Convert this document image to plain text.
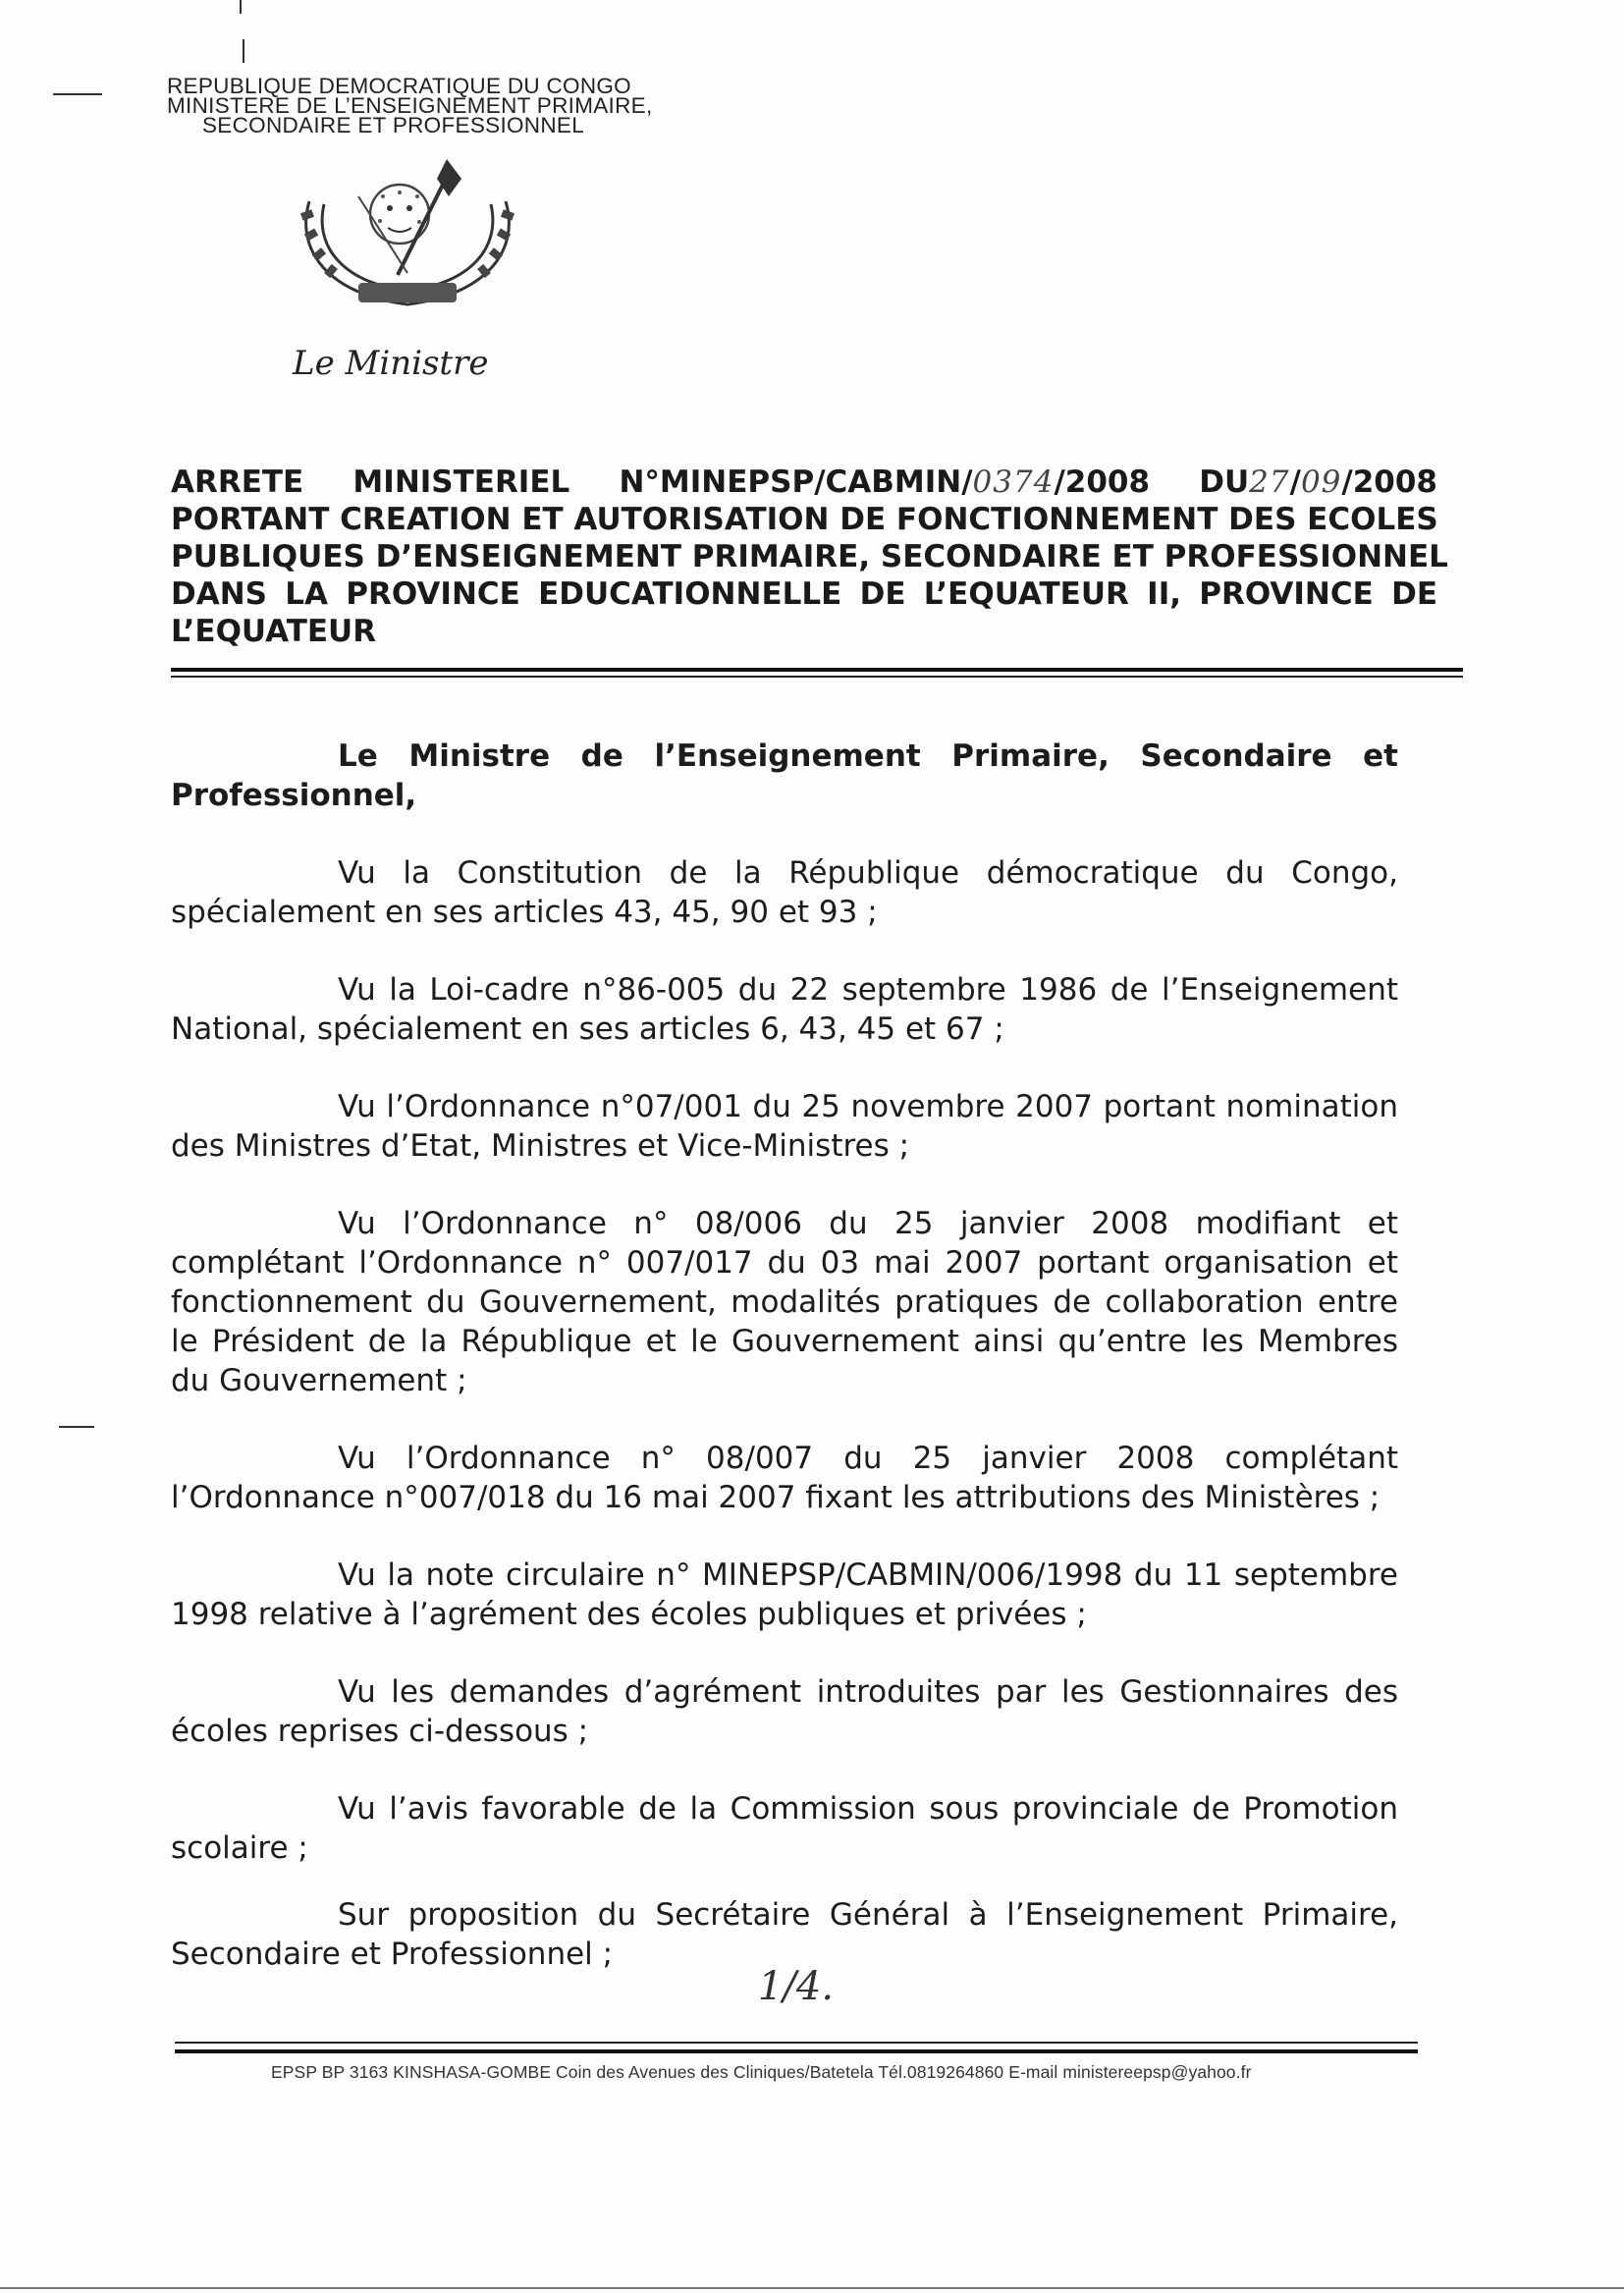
REPUBLIQUE DEMOCRATIQUE DU CONGO
MINISTERE DE L’ENSEIGNEMENT PRIMAIRE,
SECONDAIRE ET PROFESSIONNEL
Le Ministre
ARRETE MINISTERIEL N°MINEPSP/CABMIN/0374/2008 DU27/09/2008
PORTANT CREATION ET AUTORISATION DE FONCTIONNEMENT DES ECOLES
PUBLIQUES D’ENSEIGNEMENT PRIMAIRE, SECONDAIRE ET PROFESSIONNEL
DANS LA PROVINCE EDUCATIONNELLE DE L’EQUATEUR II, PROVINCE DE
L’EQUATEUR

Le Ministre de l’Enseignement Primaire, Secondaire et Professionnel,

Vu la Constitution de la République démocratique du Congo, spécialement en ses articles 43, 45, 90 et 93 ;

Vu la Loi-cadre n°86-005 du 22 septembre 1986 de l’Enseignement National, spécialement en ses articles 6, 43, 45 et 67 ;

Vu l’Ordonnance n°07/001 du 25 novembre 2007 portant nomination des Ministres d’Etat, Ministres et Vice-Ministres ;

Vu l’Ordonnance n° 08/006 du 25 janvier 2008 modifiant et complétant l’Ordonnance n° 007/017 du 03 mai 2007 portant organisation et fonctionnement du Gouvernement, modalités pratiques de collaboration entre le Président de la République et le Gouvernement ainsi qu’entre les Membres du Gouvernement ;

Vu l’Ordonnance n° 08/007 du 25 janvier 2008 complétant l’Ordonnance n°007/018 du 16 mai 2007 fixant les attributions des Ministères ;

Vu la note circulaire n° MINEPSP/CABMIN/006/1998 du 11 septembre 1998 relative à l’agrément des écoles publiques et privées ;

Vu les demandes d’agrément introduites par les Gestionnaires des écoles reprises ci-dessous ;

Vu l’avis favorable de la Commission sous provinciale de Promotion scolaire ;

Sur proposition du Secrétaire Général à l’Enseignement Primaire, Secondaire et Professionnel ;

1/4.
EPSP BP 3163 KINSHASA-GOMBE Coin des Avenues des Cliniques/Batetela Tél.0819264860 E-mail ministereepsp@yahoo.fr
